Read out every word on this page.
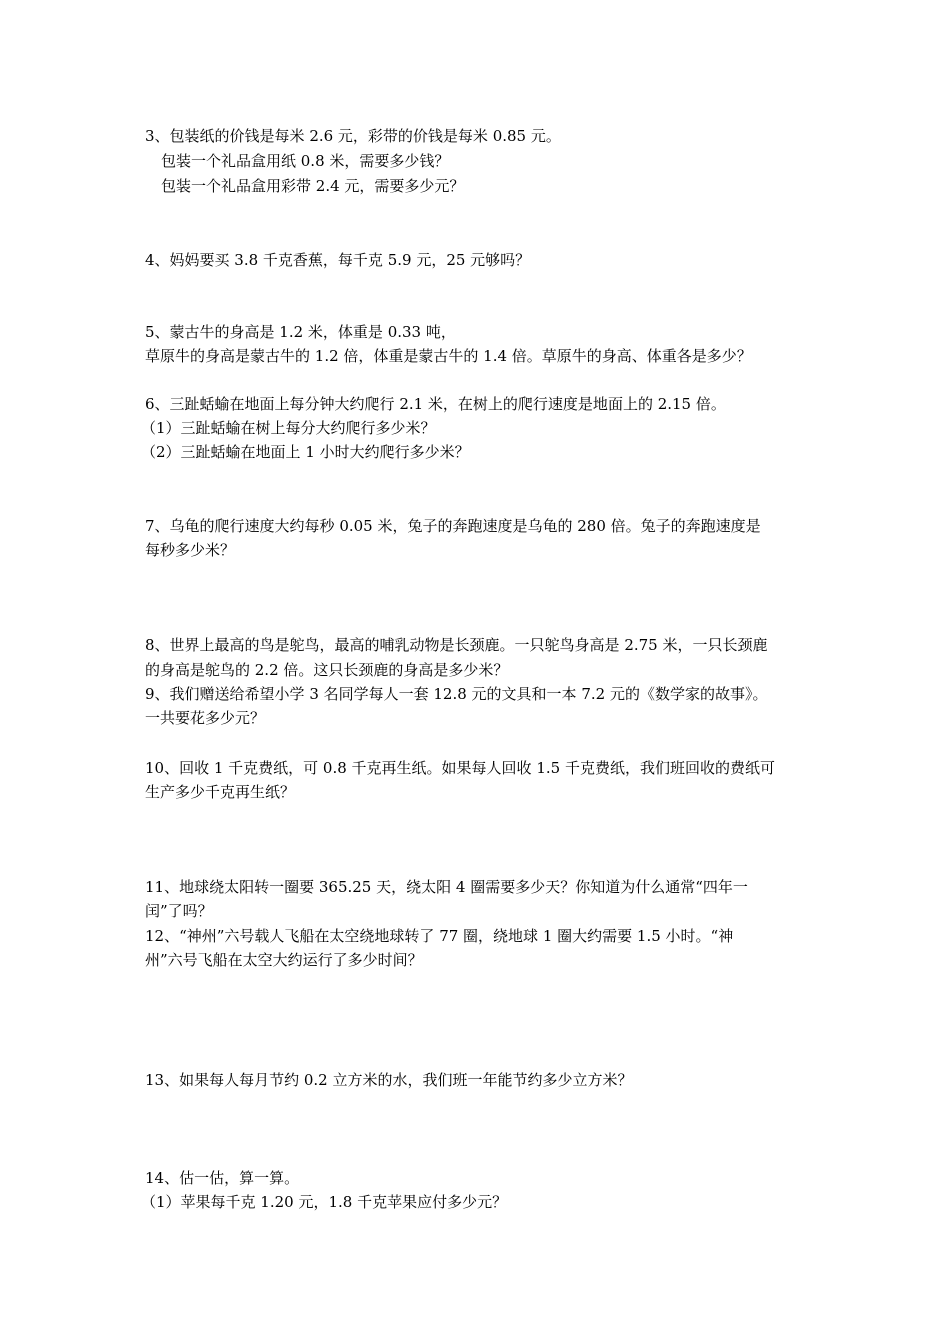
3、包装纸的价钱是每米 2.6 元，彩带的价钱是每米 0.85 元。
包装一个礼品盒用纸 0.8 米，需要多少钱？
包装一个礼品盒用彩带 2.4 元，需要多少元？
4、妈妈要买 3.8 千克香蕉，每千克 5.9 元，25 元够吗？
5、蒙古牛的身高是 1.2 米，体重是 0.33 吨，
草原牛的身高是蒙古牛的 1.2 倍，体重是蒙古牛的 1.4 倍。草原牛的身高、体重各是多少？
6、三趾蛞蝓在地面上每分钟大约爬行 2.1 米，在树上的爬行速度是地面上的 2.15 倍。
（1）三趾蛞蝓在树上每分大约爬行多少米？
（2）三趾蛞蝓在地面上 1 小时大约爬行多少米？
7、乌龟的爬行速度大约每秒 0.05 米，兔子的奔跑速度是乌龟的 280 倍。兔子的奔跑速度是
每秒多少米？
8、世界上最高的鸟是鸵鸟，最高的哺乳动物是长颈鹿。一只鸵鸟身高是 2.75 米，一只长颈鹿
的身高是鸵鸟的 2.2 倍。这只长颈鹿的身高是多少米？
9、我们赠送给希望小学 3 名同学每人一套 12.8 元的文具和一本 7.2 元的《数学家的故事》。
一共要花多少元？
10、回收 1 千克费纸，可 0.8 千克再生纸。如果每人回收 1.5 千克费纸，我们班回收的费纸可
生产多少千克再生纸？
11、地球绕太阳转一圈要 365.25 天，绕太阳 4 圈需要多少天？你知道为什么通常“四年一
闰”了吗？
12、“神州”六号载人飞船在太空绕地球转了 77 圈，绕地球 1 圈大约需要 1.5 小时。“神
州”六号飞船在太空大约运行了多少时间？
13、如果每人每月节约 0.2 立方米的水，我们班一年能节约多少立方米？
14、估一估，算一算。
（1）苹果每千克 1.20 元，1.8 千克苹果应付多少元？
